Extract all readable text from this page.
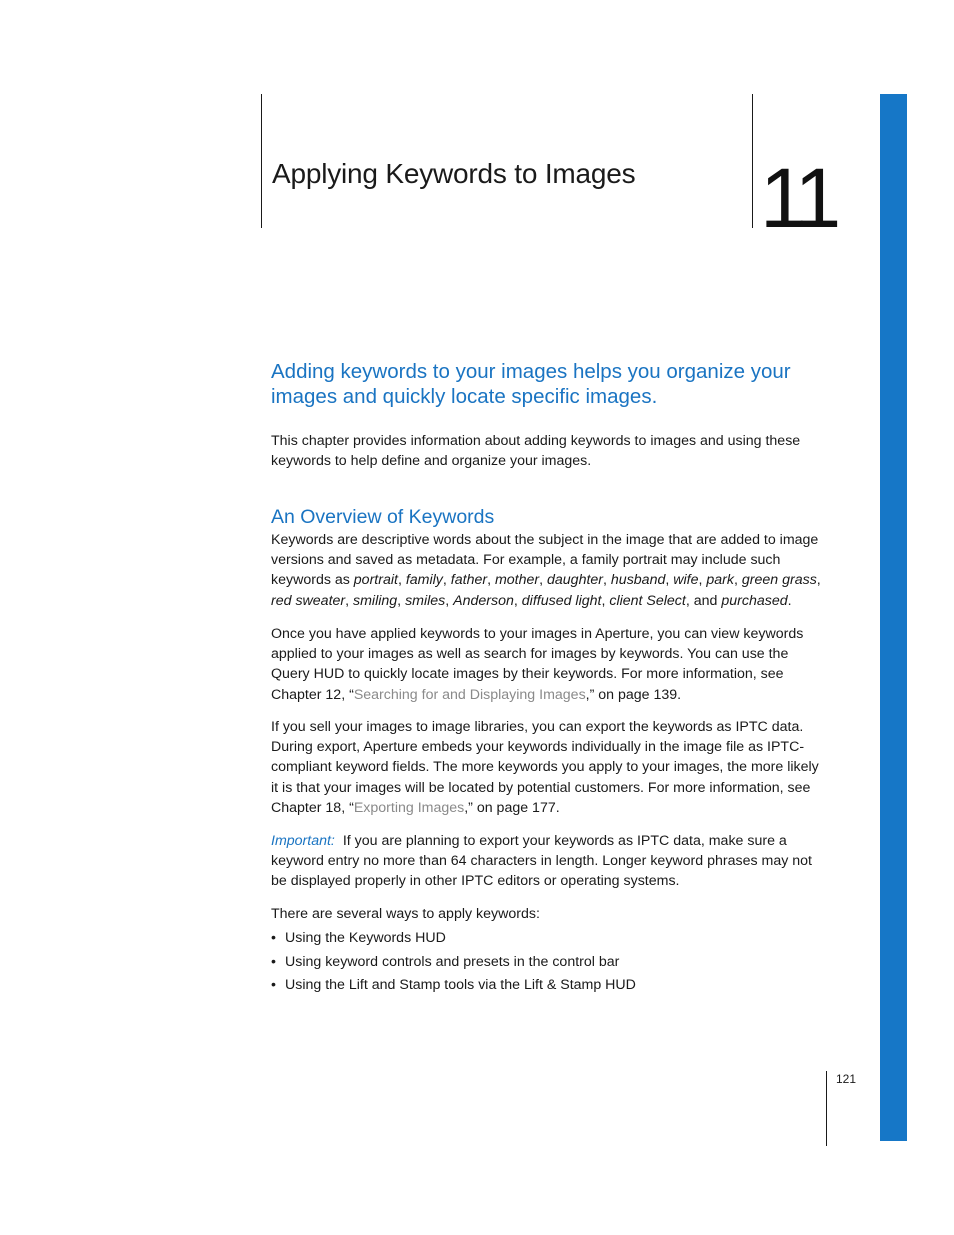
Applying Keywords to Images 11
Adding keywords to your images helps you organize your images and quickly locate specific images.

This chapter provides information about adding keywords to images and using these keywords to help define and organize your images.

An Overview of Keywords

Keywords are descriptive words about the subject in the image that are added to image versions and saved as metadata. For example, a family portrait may include such keywords as portrait, family, father, mother, daughter, husband, wife, park, green grass, red sweater, smiling, smiles, Anderson, diffused light, client Select, and purchased.

Once you have applied keywords to your images in Aperture, you can view keywords applied to your images as well as search for images by keywords. You can use the Query HUD to quickly locate images by their keywords. For more information, see Chapter 12, “Searching for and Displaying Images,” on page 139.

If you sell your images to image libraries, you can export the keywords as IPTC data. During export, Aperture embeds your keywords individually in the image file as IPTC-compliant keyword fields. The more keywords you apply to your images, the more likely it is that your images will be located by potential customers. For more information, see Chapter 18, “Exporting Images,” on page 177.

Important: If you are planning to export your keywords as IPTC data, make sure a keyword entry no more than 64 characters in length. Longer keyword phrases may not be displayed properly in other IPTC editors or operating systems.

There are several ways to apply keywords:

• Using the Keywords HUD
• Using keyword controls and presets in the control bar
• Using the Lift and Stamp tools via the Lift & Stamp HUD
121
